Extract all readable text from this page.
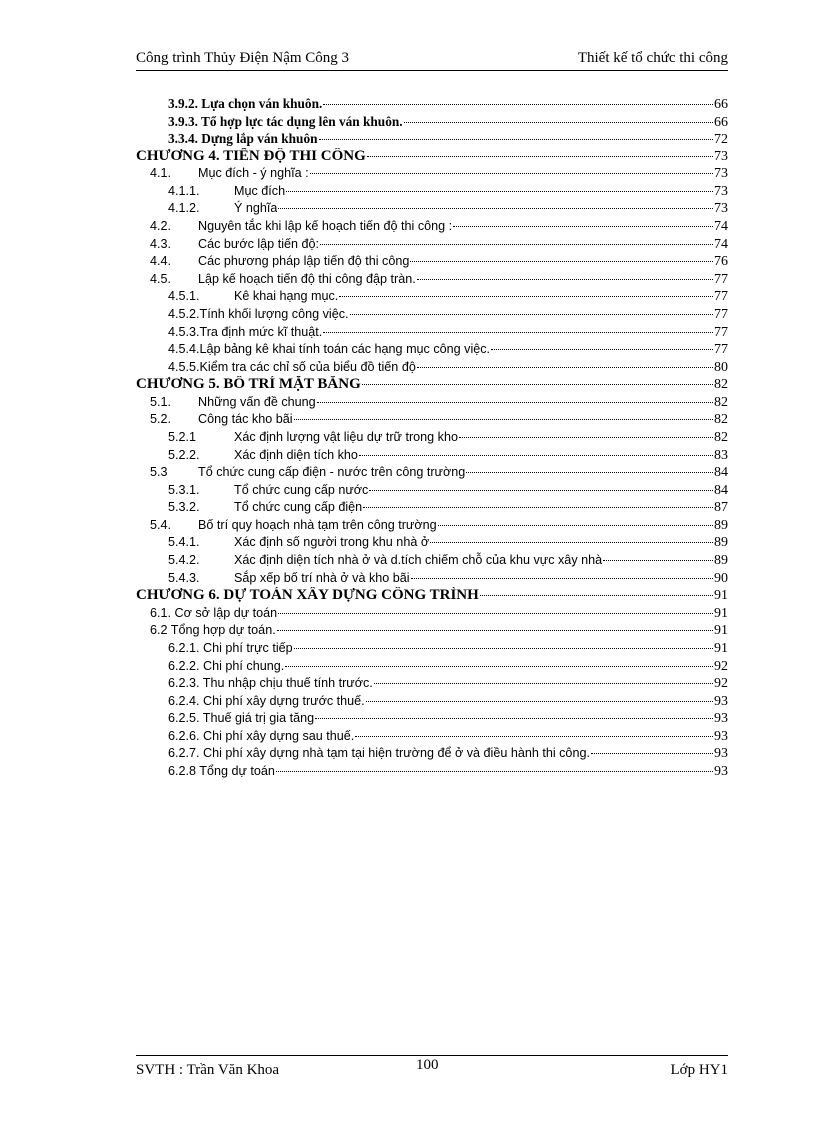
Công trình Thủy Điện Nậm Công 3	Thiết kế tổ chức thi công
3.9.2. Lựa chọn ván khuôn.	66
3.9.3. Tổ hợp lực tác dụng lên ván khuôn.	66
3.3.4. Dựng lắp ván khuôn	72
CHƯƠNG 4. TIẾN ĐỘ THI CÔNG	73
4.1.	Mục đích - ý nghĩa :	73
4.1.1.	Mục đích	73
4.1.2.	Ý nghĩa	73
4.2.	Nguyên tắc khi lập kế hoạch tiến độ thi công :	74
4.3.	Các bước lập tiến độ:	74
4.4.	Các phương pháp lập tiến độ thi công	76
4.5.	Lập kế hoạch tiến độ thi công đập tràn.	77
4.5.1.	Kê khai hạng mục.	77
4.5.2.Tính khối lượng công việc.	77
4.5.3.Tra định mức kĩ thuật.	77
4.5.4.Lập bảng kê khai tính toán các hạng mục công việc.	77
4.5.5.Kiểm tra các chỉ số của biểu đồ tiến độ	80
CHƯƠNG 5. BỐ TRÍ MẶT BẰNG	82
5.1.	Những vấn đề chung	82
5.2.	Công tác kho bãi	82
5.2.1	Xác định lượng vật liệu dự trữ trong kho	82
5.2.2.	Xác định diện tích kho	83
5.3	Tổ chức cung cấp điện - nước trên công trường	84
5.3.1.	Tổ chức cung cấp nước	84
5.3.2.	Tổ chức cung cấp điện	87
5.4.	Bố trí quy hoạch nhà tạm trên công trường	89
5.4.1.	Xác định số người trong khu nhà ở	89
5.4.2.	Xác định diện tích nhà ở và d.tích chiếm chỗ của khu vực xây nhà	89
5.4.3.	Sắp xếp bố trí nhà ở và kho bãi	90
CHƯƠNG 6. DỰ TOÁN XÂY DỰNG CÔNG TRÌNH	91
6.1. Cơ sở lập dự toán	91
6.2 Tổng hợp dự toán.	91
6.2.1. Chi phí trực tiếp	91
6.2.2. Chi phí chung.	92
6.2.3. Thu nhập chịu thuế tính trước.	92
6.2.4. Chi phí xây dựng trước thuế.	93
6.2.5. Thuế giá trị gia tăng	93
6.2.6. Chi phí xây dựng sau thuế.	93
6.2.7. Chi phí xây dựng nhà tạm tại hiện trường để ở và điều hành thi công.	93
6.2.8 Tổng dự toán	93
SVTH : Trần Văn Khoa	100	Lớp HY1
